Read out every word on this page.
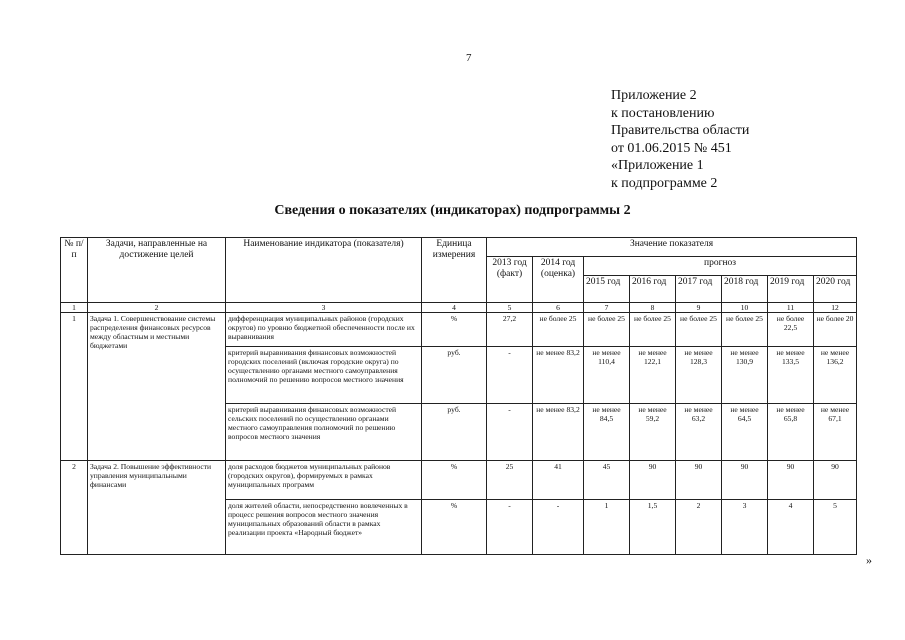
7
Приложение 2
к постановлению
Правительства области
от 01.06.2015 № 451
«Приложение 1
к подпрограмме 2
Сведения о показателях (индикаторах) подпрограммы 2
№ п/п	Задачи, направленные на достижение целей	Наименование индикатора (показателя)	Единица измерения	Значение показателя							
				2013 год (факт)	2014 год (оценка)	прогноз					
						2015 год	2016 год	2017 год	2018 год	2019 год	2020 год
1	2	3	4	5	6	7	8	9	10	11	12
1	Задача 1. Совершенствование системы распределения финансовых ресурсов между областным и местными бюджетами	дифференциация муниципальных районов (городских округов) по уровню бюджетной обеспеченности после их выравнивания	%	27,2	не более 25	не более 25	не более 25	не более 25	не более 25	не более 22,5	не более 20
		критерий выравнивания финансовых возможностей городских поселений (включая городские округа) по осуществлению органами местного самоуправления полномочий по решению вопросов местного значения	руб.	-	не менее 83,2	не менее 110,4	не менее 122,1	не менее 128,3	не менее 130,9	не менее 133,5	не менее 136,2
		критерий выравнивания финансовых возможностей сельских поселений по осуществлению органами местного самоуправления полномочий по решению вопросов местного значения	руб.	-	не менее 83,2	не менее 84,5	не менее 59,2	не менее 63,2	не менее 64,5	не менее 65,8	не менее 67,1
2	Задача 2. Повышение эффективности управления муниципальными финансами	доля расходов бюджетов муниципальных районов (городских округов), формируемых в рамках муниципальных программ	%	25	41	45	90	90	90	90	90
		доля жителей области, непосредственно вовлеченных в процесс решения вопросов местного значения муниципальных образований области в рамках реализации проекта «Народный бюджет»	%	-	-	1	1,5	2	3	4	5
»
